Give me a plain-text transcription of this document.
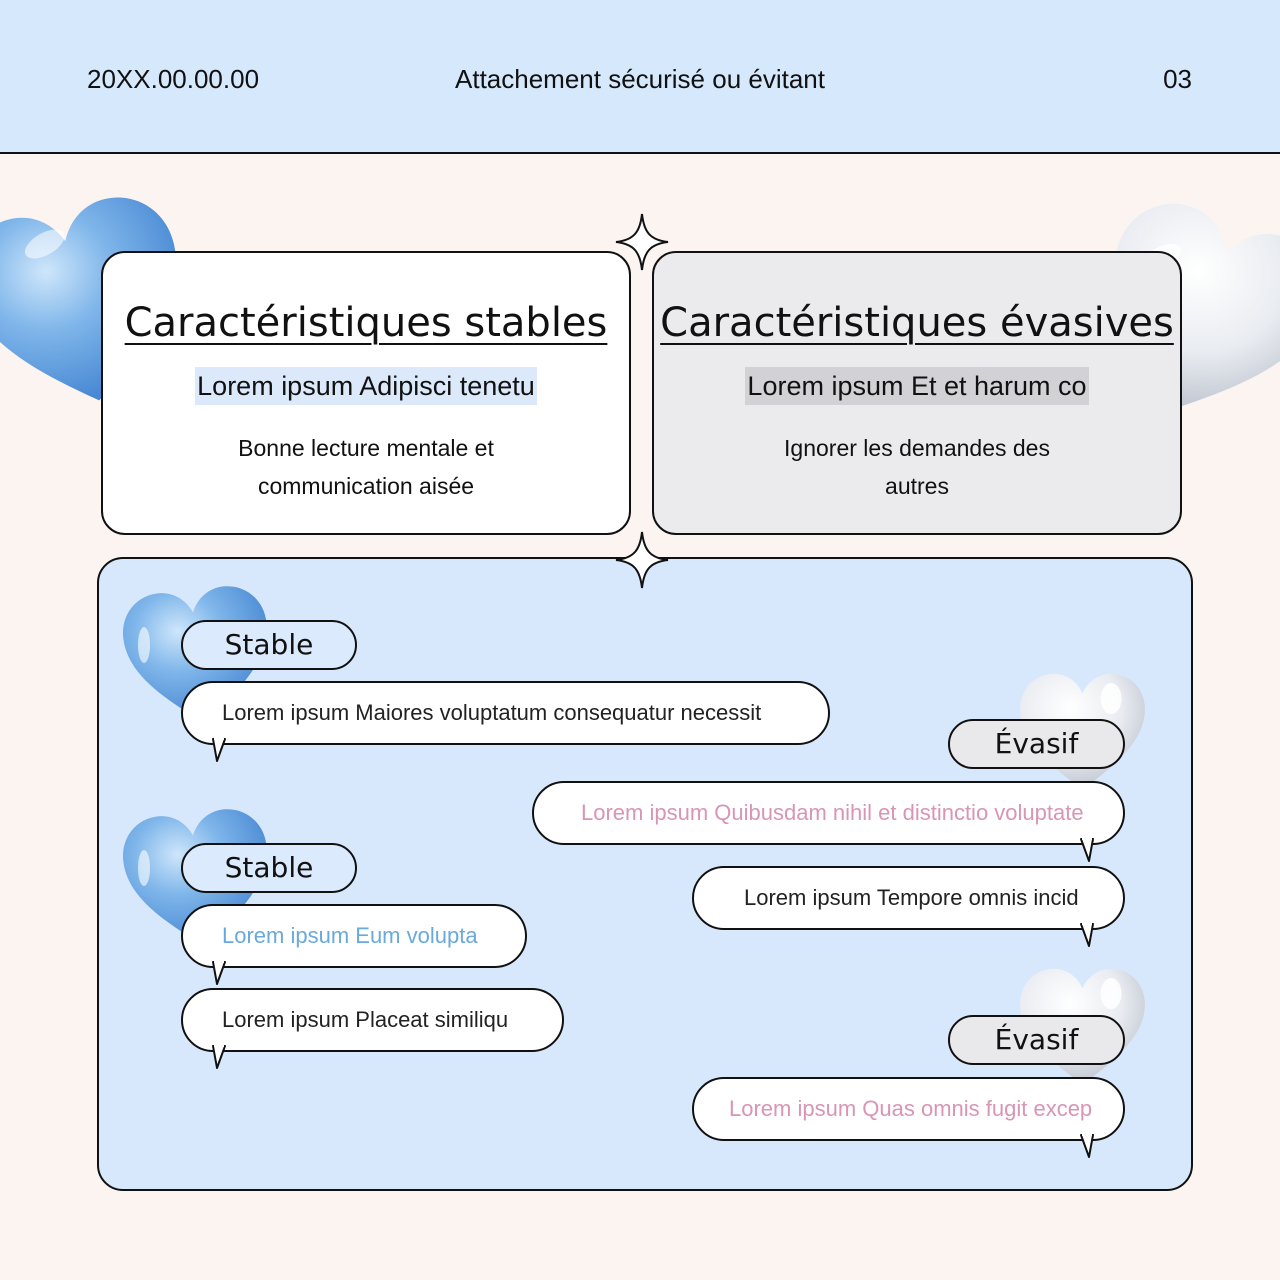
20XX.00.00.00	Attachement sécurisé ou évitant	03
Caractéristiques stables
Lorem ipsum Adipisci tenetu
Bonne lecture mentale et communication aisée
Caractéristiques évasives
Lorem ipsum Et et harum co
Ignorer les demandes des autres
Stable
Évasif
Stable
Évasif
Lorem ipsum Maiores voluptatum consequatur necessit
Lorem ipsum Quibusdam nihil et distinctio voluptate
Lorem ipsum Tempore omnis incid
Lorem ipsum Eum volupta
Lorem ipsum Placeat similiqu
Lorem ipsum Quas omnis fugit excep
